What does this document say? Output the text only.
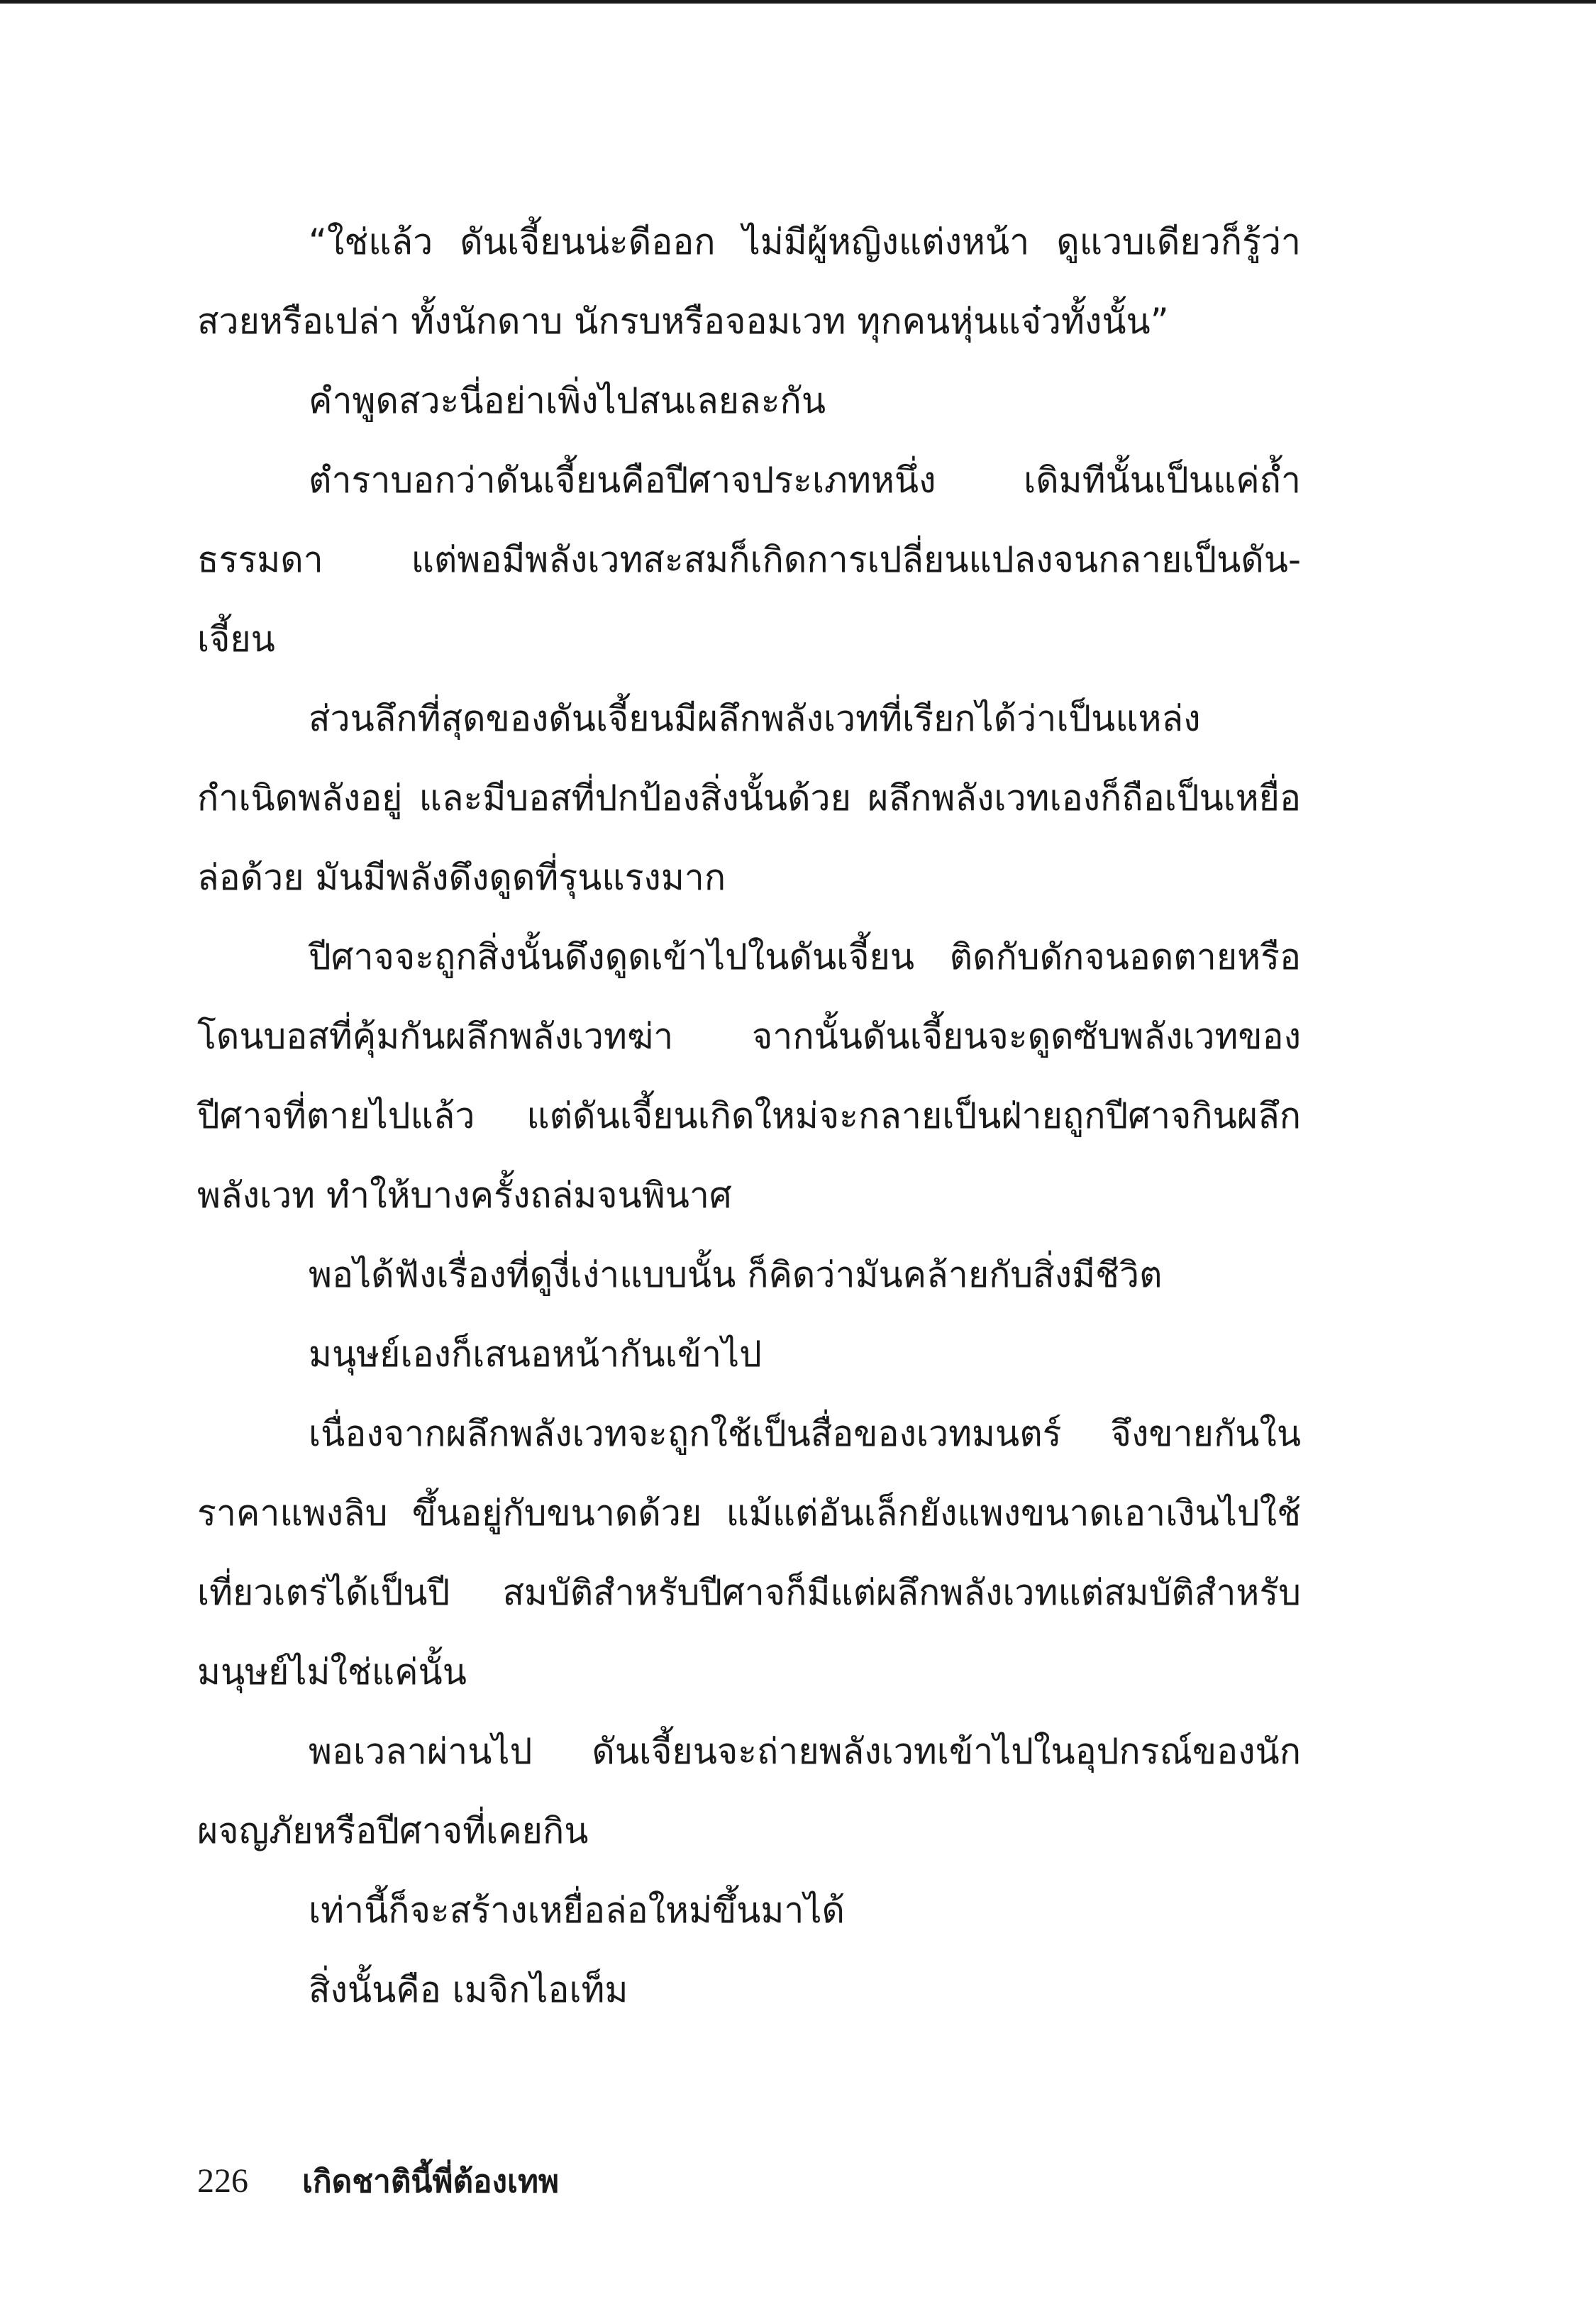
“ใช่แล้ว ดันเจี้ยนน่ะดีออก ไม่มีผู้หญิงแต่งหน้า ดูแวบเดียวก็รู้ว่าสวยหรือเปล่า ทั้งนักดาบ นักรบหรือจอมเวท ทุกคนหุ่นแจ๋วทั้งนั้น”

คำพูดสวะนี่อย่าเพิ่งไปสนเลยละกัน

ตำราบอกว่าดันเจี้ยนคือปีศาจประเภทหนึ่ง เดิมทีนั้นเป็นแค่ถ้ำธรรมดา แต่พอมีพลังเวทสะสมก็เกิดการเปลี่ยนแปลงจนกลายเป็นดัน-เจี้ยน

ส่วนลึกที่สุดของดันเจี้ยนมีผลึกพลังเวทที่เรียกได้ว่าเป็นแหล่งกำเนิดพลังอยู่ และมีบอสที่ปกป้องสิ่งนั้นด้วย ผลึกพลังเวทเองก็ถือเป็นเหยื่อล่อด้วย มันมีพลังดึงดูดที่รุนแรงมาก

ปีศาจจะถูกสิ่งนั้นดึงดูดเข้าไปในดันเจี้ยน ติดกับดักจนอดตายหรือโดนบอสที่คุ้มกันผลึกพลังเวทฆ่า จากนั้นดันเจี้ยนจะดูดซับพลังเวทของปีศาจที่ตายไปแล้ว แต่ดันเจี้ยนเกิดใหม่จะกลายเป็นฝ่ายถูกปีศาจกินผลึกพลังเวท ทำให้บางครั้งถล่มจนพินาศ

พอได้ฟังเรื่องที่ดูงี่เง่าแบบนั้น ก็คิดว่ามันคล้ายกับสิ่งมีชีวิต

มนุษย์เองก็เสนอหน้ากันเข้าไป

เนื่องจากผลึกพลังเวทจะถูกใช้เป็นสื่อของเวทมนตร์ จึงขายกันในราคาแพงลิบ ขึ้นอยู่กับขนาดด้วย แม้แต่อันเล็กยังแพงขนาดเอาเงินไปใช้เที่ยวเตร่ได้เป็นปี สมบัติสำหรับปีศาจก็มีแต่ผลึกพลังเวทแต่สมบัติสำหรับมนุษย์ไม่ใช่แค่นั้น

พอเวลาผ่านไป ดันเจี้ยนจะถ่ายพลังเวทเข้าไปในอุปกรณ์ของนักผจญภัยหรือปีศาจที่เคยกิน

เท่านี้ก็จะสร้างเหยื่อล่อใหม่ขึ้นมาได้

สิ่งนั้นคือ เมจิกไอเท็ม

226	เกิดชาตินี้พี่ต้องเทพ
